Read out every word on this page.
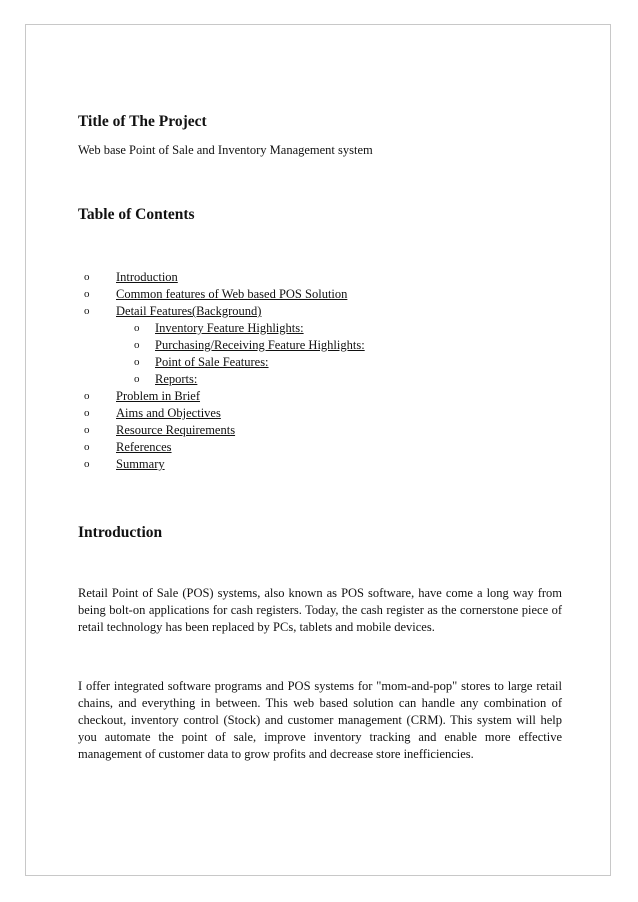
Title of The Project

Web base Point of Sale and Inventory Management system

Table of Contents
o Introduction
o Common features of Web based POS Solution
o Detail Features(Background)
o Inventory Feature Highlights:
o Purchasing/Receiving Feature Highlights:
o Point of Sale Features:
o Reports:
o Problem in Brief
o Aims and Objectives
o Resource Requirements
o References
o Summary
Introduction

Retail Point of Sale (POS) systems, also known as POS software, have come a long way from being bolt-on applications for cash registers. Today, the cash register as the cornerstone piece of retail technology has been replaced by PCs, tablets and mobile devices.

I offer integrated software programs and POS systems for "mom-and-pop" stores to large retail chains, and everything in between. This web based solution can handle any combination of checkout, inventory control (Stock) and customer management (CRM). This system will help you automate the point of sale, improve inventory tracking and enable more effective management of customer data to grow profits and decrease store inefficiencies.
